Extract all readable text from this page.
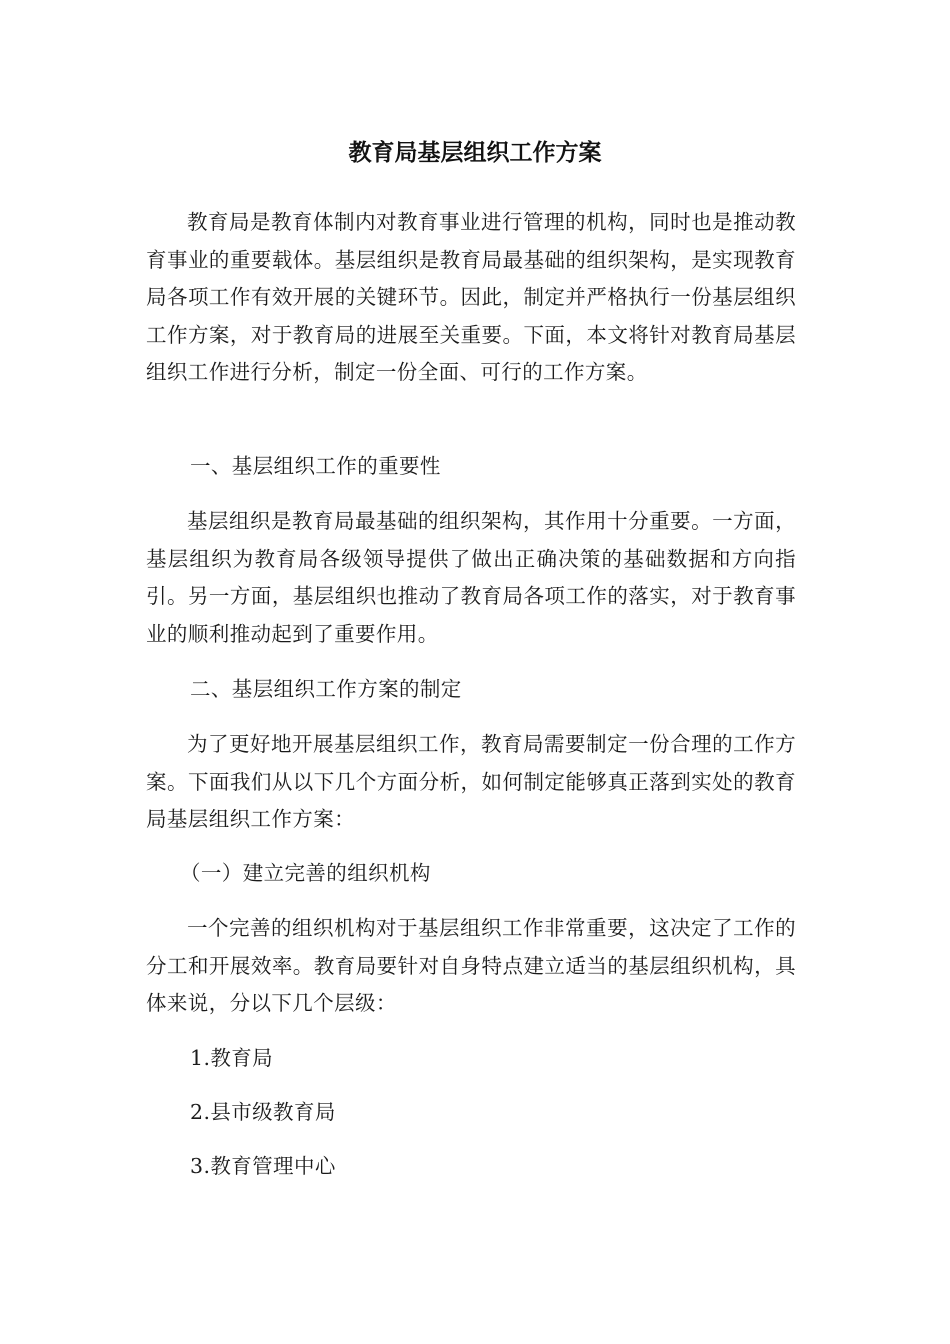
教育局基层组织工作方案

教育局是教育体制内对教育事业进行管理的机构，同时也是推动教育事业的重要载体。基层组织是教育局最基础的组织架构，是实现教育局各项工作有效开展的关键环节。因此，制定并严格执行一份基层组织工作方案，对于教育局的进展至关重要。下面，本文将针对教育局基层组织工作进行分析，制定一份全面、可行的工作方案。

一、基层组织工作的重要性

基层组织是教育局最基础的组织架构，其作用十分重要。一方面，基层组织为教育局各级领导提供了做出正确决策的基础数据和方向指引。另一方面，基层组织也推动了教育局各项工作的落实，对于教育事业的顺利推动起到了重要作用。

二、基层组织工作方案的制定

为了更好地开展基层组织工作，教育局需要制定一份合理的工作方案。下面我们从以下几个方面分析，如何制定能够真正落到实处的教育局基层组织工作方案：

（一）建立完善的组织机构

一个完善的组织机构对于基层组织工作非常重要，这决定了工作的分工和开展效率。教育局要针对自身特点建立适当的基层组织机构，具体来说，分以下几个层级：

1.教育局

2.县市级教育局

3.教育管理中心
